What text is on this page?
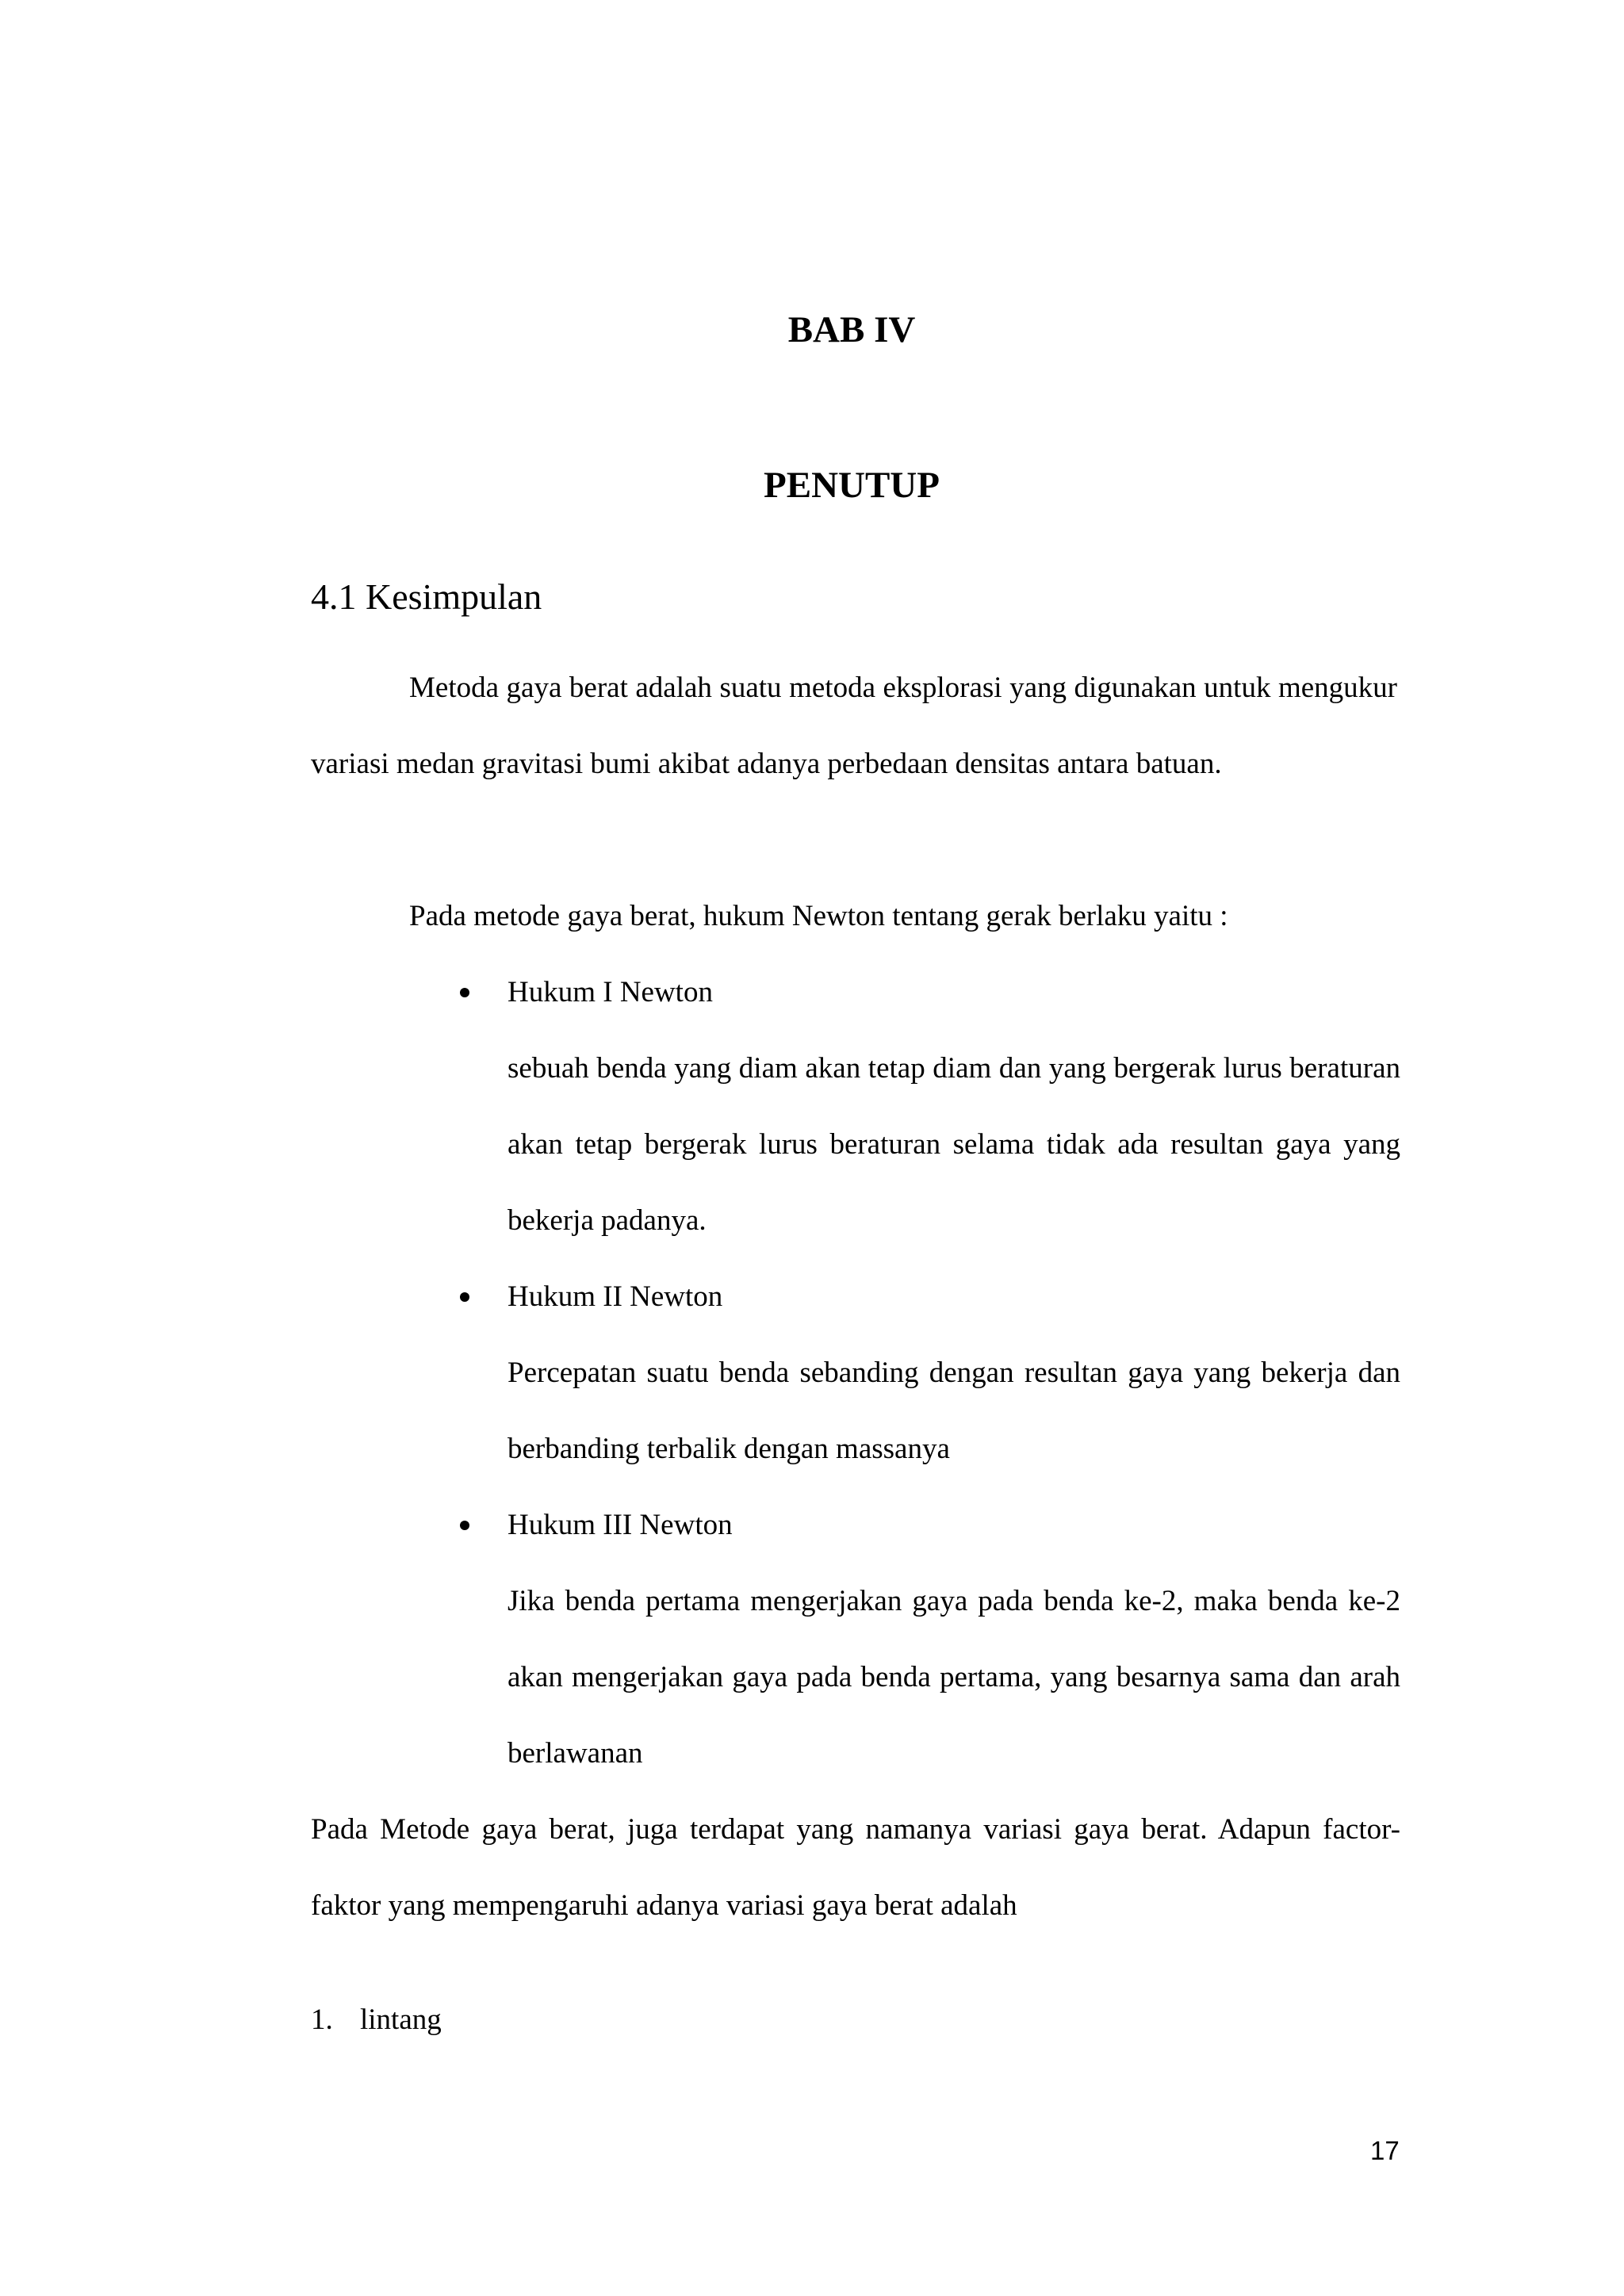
BAB IV
PENUTUP
4.1 Kesimpulan

Metoda gaya berat adalah suatu metoda eksplorasi yang digunakan untuk mengukur variasi medan gravitasi bumi akibat adanya perbedaan densitas antara batuan.

Pada metode gaya berat, hukum Newton tentang gerak berlaku yaitu :

Hukum I Newton
sebuah benda yang diam akan tetap diam dan yang bergerak lurus beraturan akan tetap bergerak lurus beraturan selama tidak ada resultan gaya yang bekerja padanya.
Hukum II Newton
Percepatan suatu benda sebanding dengan resultan gaya yang bekerja dan berbanding terbalik dengan massanya
Hukum III Newton
Jika benda pertama mengerjakan gaya pada benda ke-2, maka benda ke-2 akan mengerjakan gaya pada benda pertama, yang besarnya sama dan arah berlawanan

Pada Metode gaya berat, juga terdapat yang namanya variasi gaya berat. Adapun factor-faktor yang mempengaruhi adanya variasi gaya berat adalah

1. lintang
17
